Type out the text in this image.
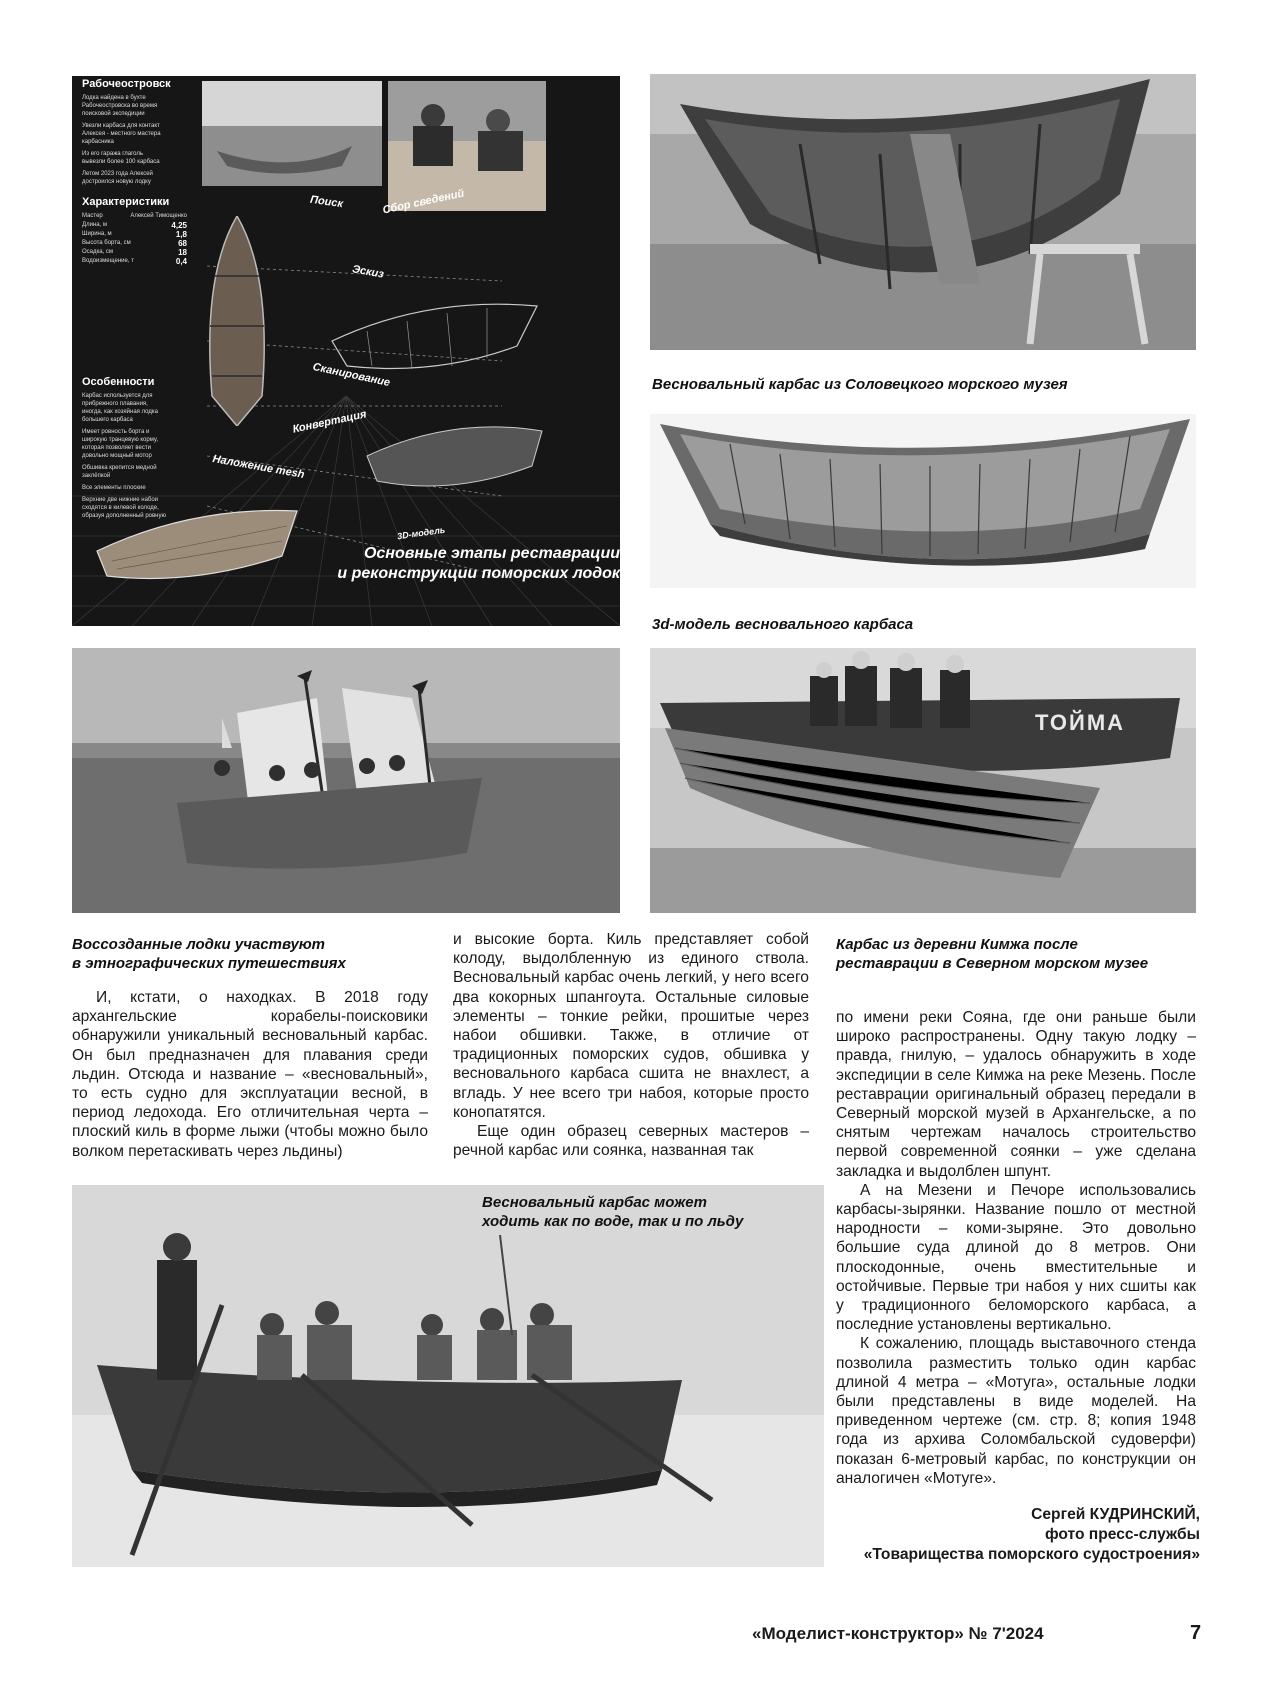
Рабочеостровск
Лодка найдена в бухте
Рабочеостровска во время
поисковой экспедиции
Увезли карбаса для контакт
Алексея - местного мастера
карбасника
Из его гаража глаголь
вывезли более 100 карбаса
Летом 2023 года Алексей
достроился новую лодку
Характеристики
Мастер	Алексей Тимощенко
Длина, м	4,25
Ширина, м	1,8
Высота борта, см	68
Осадка, см	18
Водоизмещение, т	0,4
Особенности
Карбас используется для
прибрежного плавания,
иногда, как хозяйная лодка
большего карбаса
Имеет ровность борта и
широкую транцевую корму,
которая позволяет вести
довольно мощный мотор
Обшивка крепится медной
заклёпкой
Все элементы плоские
Верхние две нижние набои
сходятся в килевой колоде,
образуя дополненный ровную
Поиск	Сбор сведений
Эскиз
Сканирование
Конвертация
Наложение mesh
3D-модель
Основные этапы реставрации
и реконструкции поморских лодок
Весновальный карбас из Соловецкого морского музея
3d-модель весновального карбаса
Воссозданные лодки участвуют
в этнографических путешествиях
ТОЙМА
Карбас из деревни Кимжа после
реставрации в Северном морском музее

И, кстати, о находках. В 2018 году архангельские корабелы-поисковики обнаружили уникальный весновальный карбас. Он был предназначен для плавания среди льдин. Отсюда и название – «весновальный», то есть судно для эксплуатации весной, в период ледохода. Его отличительная черта – плоский киль в форме лыжи (чтобы можно было волком перетаскивать через льдины)

и высокие борта. Киль представляет собой колоду, выдолбленную из единого ствола. Весновальный карбас очень легкий, у него всего два кокорных шпангоута. Остальные силовые элементы – тонкие рейки, прошитые через набои обшивки. Также, в отличие от традиционных поморских судов, обшивка у весновального карбаса сшита не внахлест, а вгладь. У нее всего три набоя, которые просто конопатятся.

Еще один образец северных мастеров – речной карбас или соянка, названная так

по имени реки Сояна, где они раньше были широко распространены. Одну такую лодку – правда, гнилую, – удалось обнаружить в ходе экспедиции в селе Кимжа на реке Мезень. После реставрации оригинальный образец передали в Северный морской музей в Архангельске, а по снятым чертежам началось строительство первой современной соянки – уже сделана закладка и выдолблен шпунт.

А на Мезени и Печоре использовались карбасы-зырянки. Название пошло от местной народности – коми-зыряне. Это довольно большие суда длиной до 8 метров. Они плоскодонные, очень вместительные и остойчивые. Первые три набоя у них сшиты как у традиционного беломорского карбаса, а последние установлены вертикально.

К сожалению, площадь выставочного стенда позволила разместить только один карбас длиной 4 метра – «Мотуга», остальные лодки были представлены в виде моделей. На приведенном чертеже (см. стр. 8; копия 1948 года из архива Соломбальской судоверфи) показан 6-метровый карбас, по конструкции он аналогичен «Мотуге».

Весновальный карбас может
ходить как по воде, так и по льду
Сергей КУДРИНСКИЙ,
фото пресс-службы
«Товарищества поморского судостроения»
«Моделист-конструктор» № 7'2024	7
